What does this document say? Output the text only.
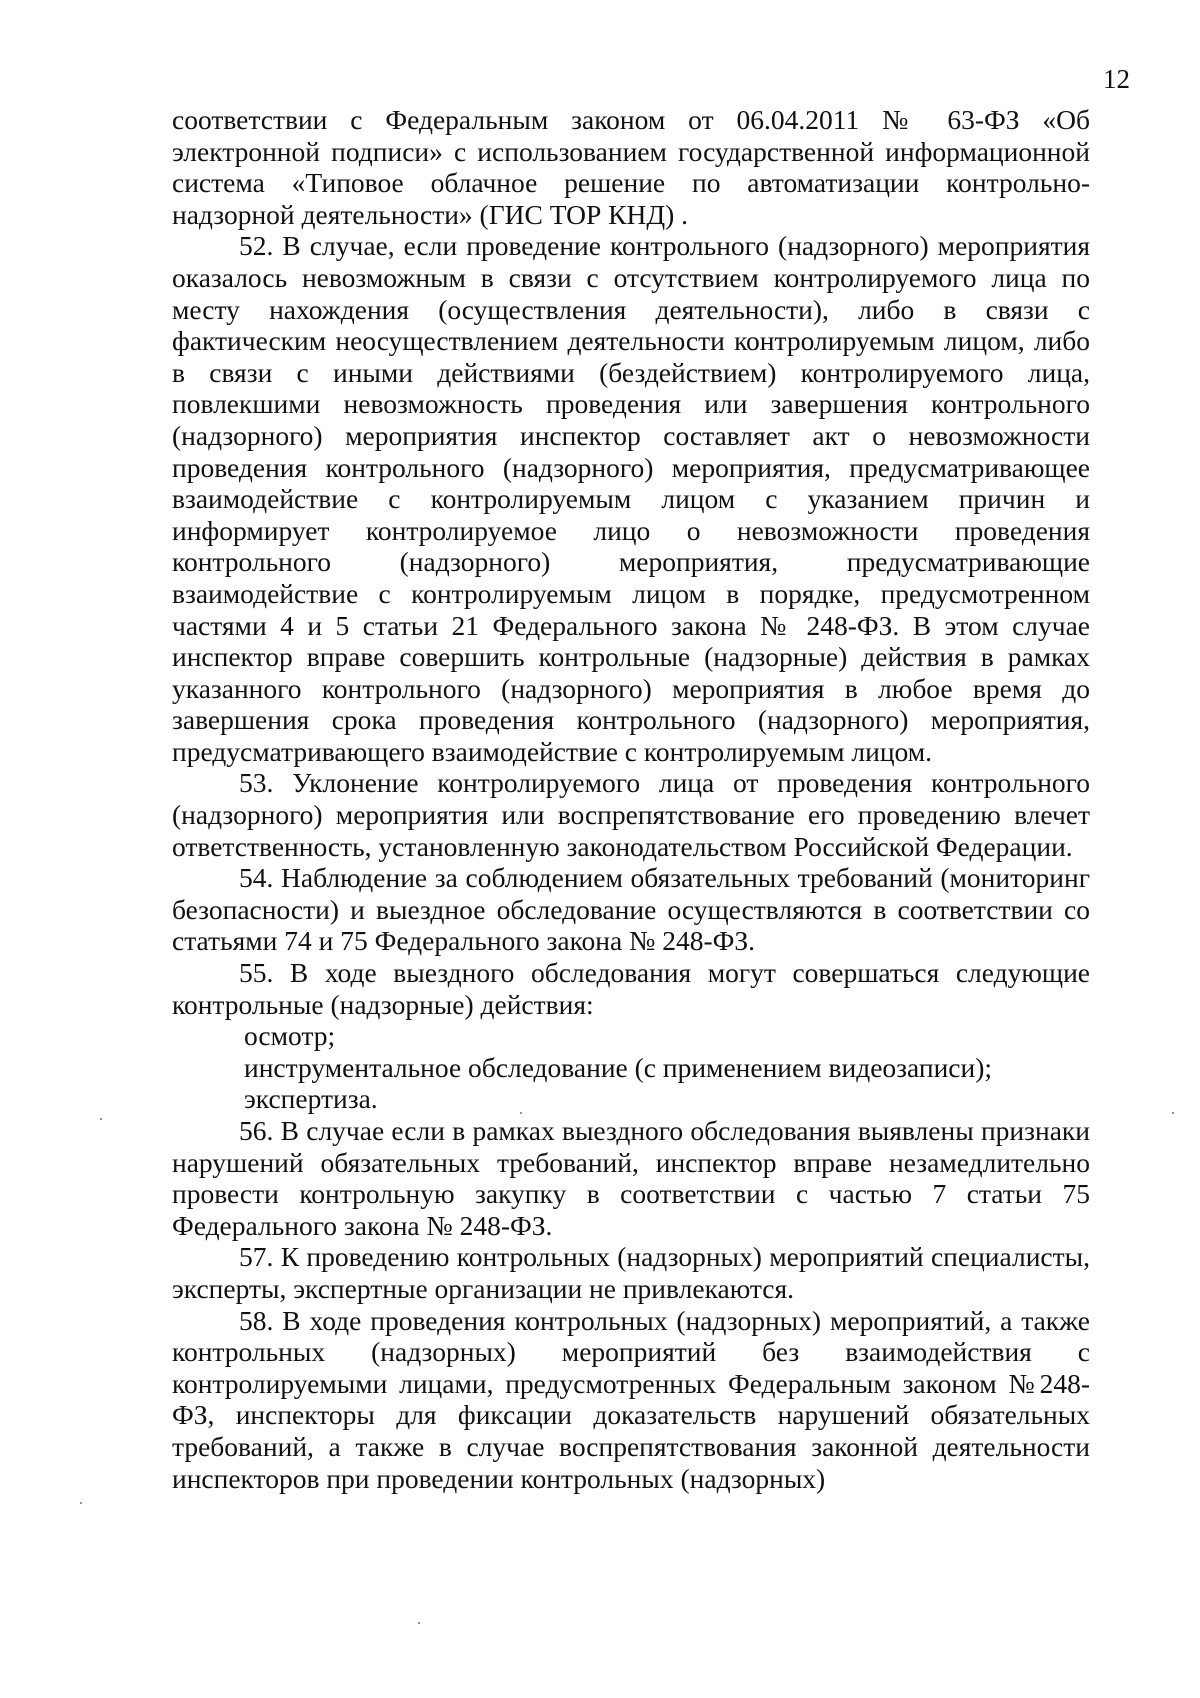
12

соответствии с Федеральным законом от 06.04.2011 № 63-ФЗ «Об электронной подписи» с использованием государственной информационной система «Типовое облачное решение по автоматизации контрольно-надзорной деятельности» (ГИС ТОР КНД) .

52. В случае, если проведение контрольного (надзорного) мероприятия оказалось невозможным в связи с отсутствием контролируемого лица по месту нахождения (осуществления деятельности), либо в связи с фактическим неосуществлением деятельности контролируемым лицом, либо в связи с иными действиями (бездействием) контролируемого лица, повлекшими невозможность проведения или завершения контрольного (надзорного) мероприятия инспектор составляет акт о невозможности проведения контрольного (надзорного) мероприятия, предусматривающее взаимодействие с контролируемым лицом с указанием причин и информирует контролируемое лицо о невозможности проведения контрольного (надзорного) мероприятия, предусматривающие взаимодействие с контролируемым лицом в порядке, предусмотренном частями 4 и 5 статьи 21 Федерального закона № 248-ФЗ. В этом случае инспектор вправе совершить контрольные (надзорные) действия в рамках указанного контрольного (надзорного) мероприятия в любое время до завершения срока проведения контрольного (надзорного) мероприятия, предусматривающего взаимодействие с контролируемым лицом.

53. Уклонение контролируемого лица от проведения контрольного (надзорного) мероприятия или воспрепятствование его проведению влечет ответственность, установленную законодательством Российской Федерации.

54. Наблюдение за соблюдением обязательных требований (мониторинг безопасности) и выездное обследование осуществляются в соответствии со статьями 74 и 75 Федерального закона № 248-ФЗ.

55. В ходе выездного обследования могут совершаться следующие контрольные (надзорные) действия:

осмотр;

инструментальное обследование (с применением видеозаписи);

экспертиза.

56. В случае если в рамках выездного обследования выявлены признаки нарушений обязательных требований, инспектор вправе незамедлительно провести контрольную закупку в соответствии с частью 7 статьи 75 Федерального закона № 248-ФЗ.

57. К проведению контрольных (надзорных) мероприятий специалисты, эксперты, экспертные организации не привлекаются.

58. В ходе проведения контрольных (надзорных) мероприятий, а также контрольных (надзорных) мероприятий без взаимодействия с контролируемыми лицами, предусмотренных Федеральным законом №248-ФЗ, инспекторы для фиксации доказательств нарушений обязательных требований, а также в случае воспрепятствования законной деятельности инспекторов при проведении контрольных (надзорных)
